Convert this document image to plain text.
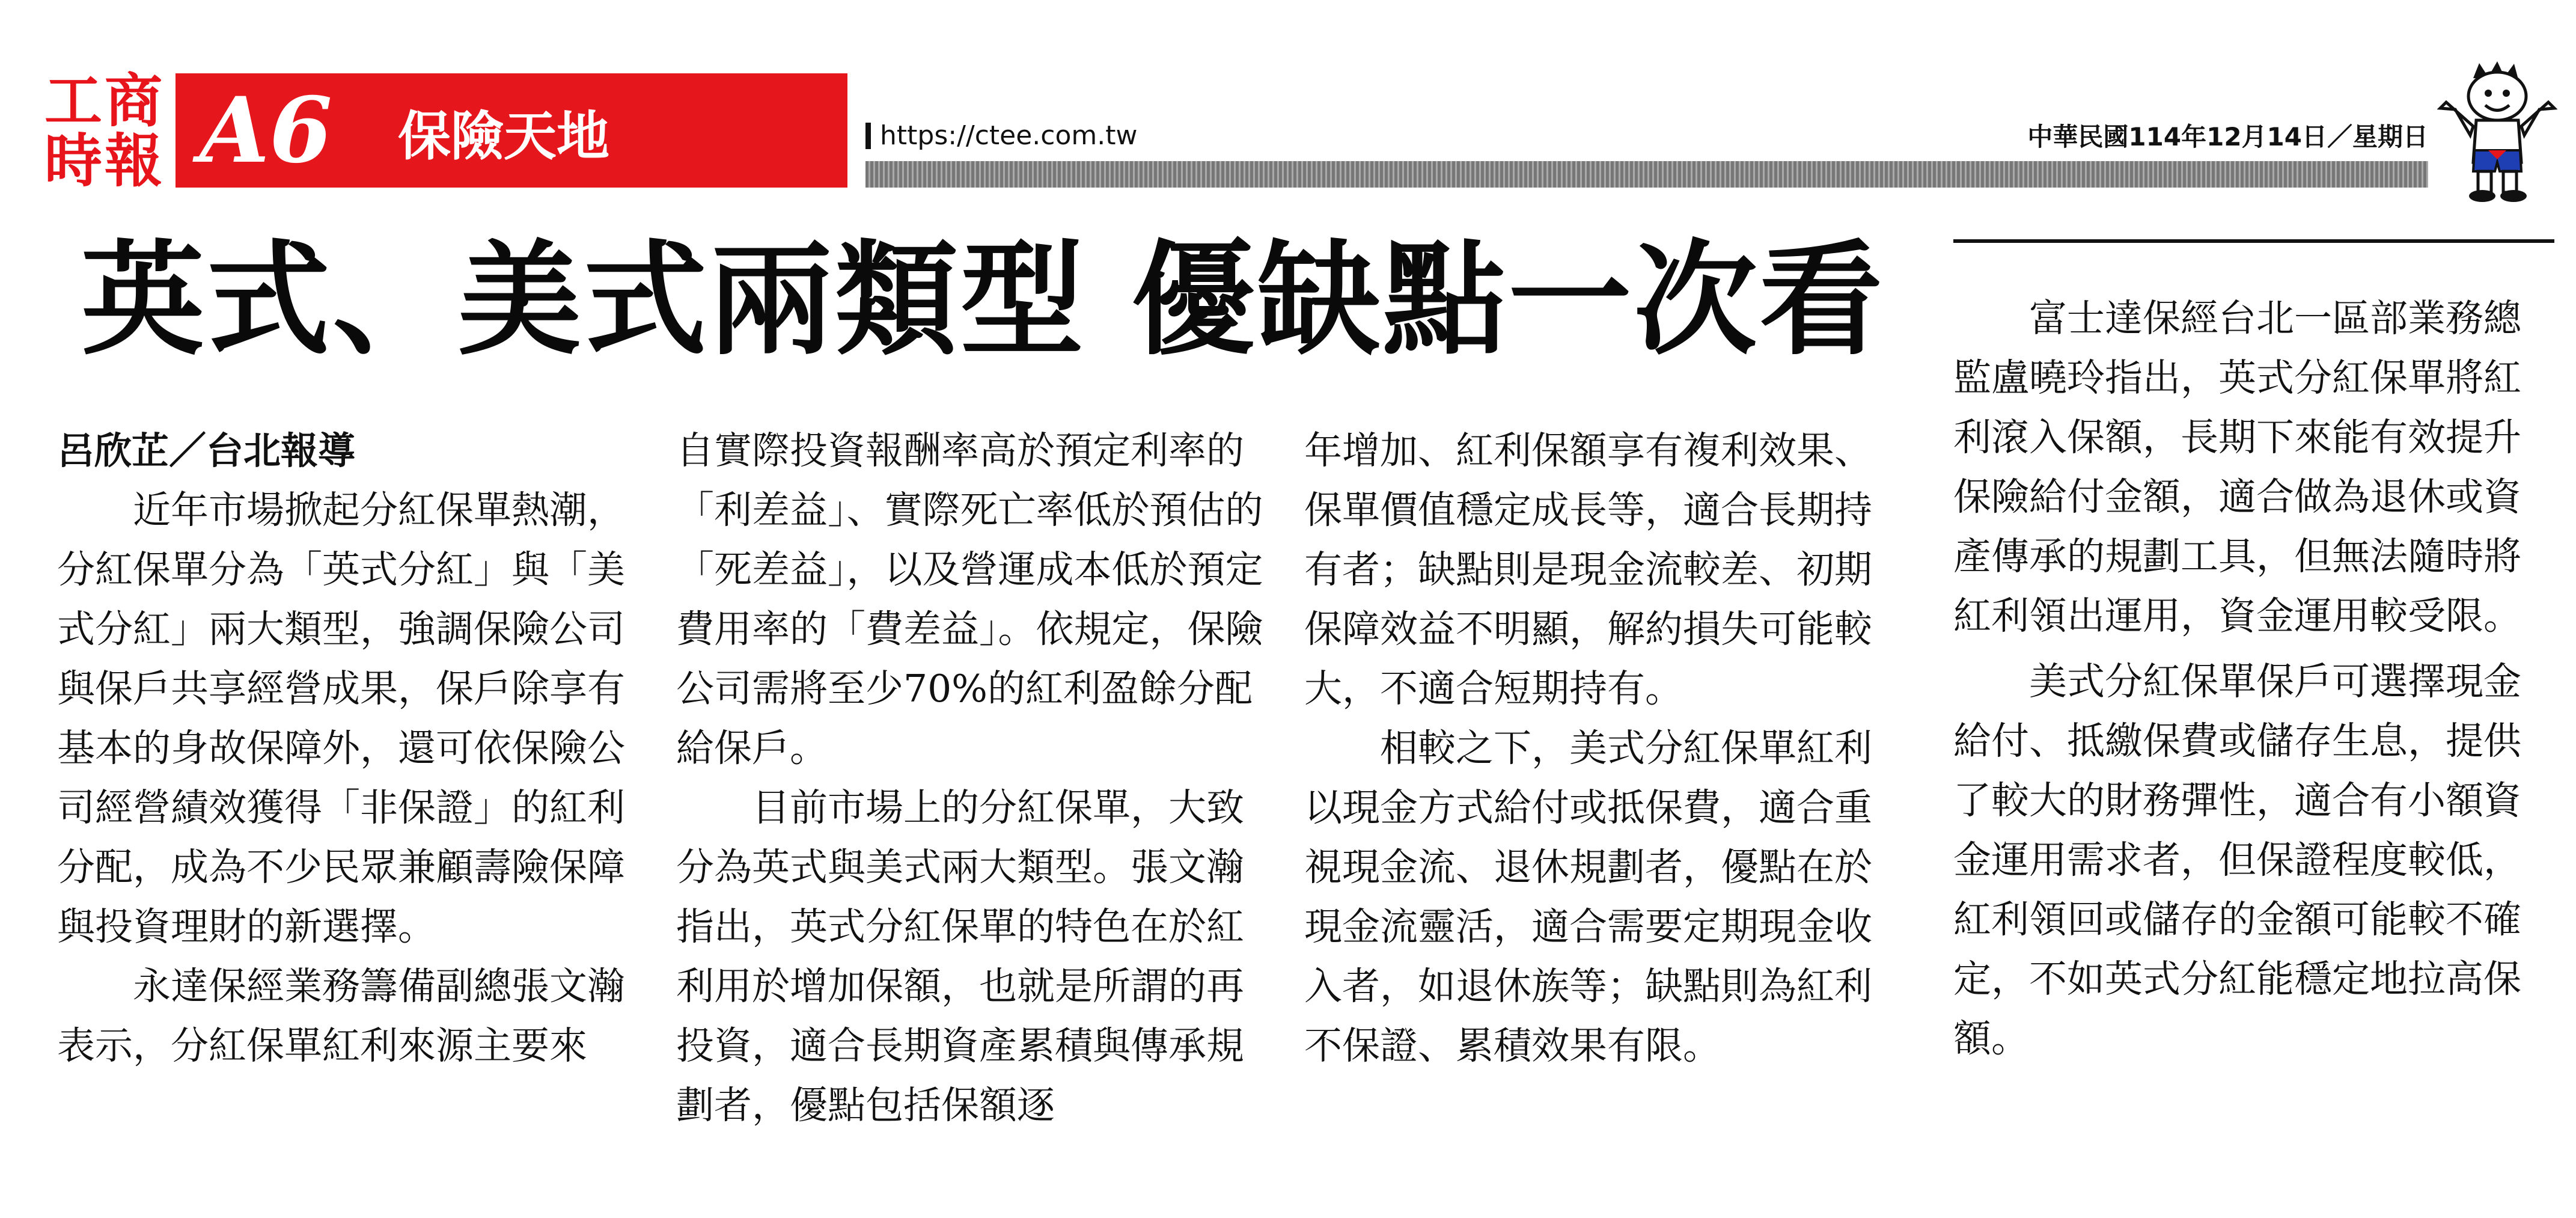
工 商
時 報 A6 保險天地	https://ctee.com.tw	中華民國114年12月14日／星期日
英式、美式兩類型 優缺點一次看

呂欣芷／台北報導

近年市場掀起分紅保單熱潮，分紅保單分為「英式分紅」與「美式分紅」兩大類型，強調保險公司與保戶共享經營成果，保戶除享有基本的身故保障外，還可依保險公司經營績效獲得「非保證」的紅利分配，成為不少民眾兼顧壽險保障與投資理財的新選擇。

永達保經業務籌備副總張文瀚表示，分紅保單紅利來源主要來

自實際投資報酬率高於預定利率的「利差益」、實際死亡率低於預估的「死差益」，以及營運成本低於預定費用率的「費差益」。依規定，保險公司需將至少70%的紅利盈餘分配給保戶。

目前市場上的分紅保單，大致分為英式與美式兩大類型。張文瀚指出，英式分紅保單的特色在於紅利用於增加保額，也就是所謂的再投資，適合長期資產累積與傳承規劃者，優點包括保額逐

年增加、紅利保額享有複利效果、保單價值穩定成長等，適合長期持有者；缺點則是現金流較差、初期保障效益不明顯，解約損失可能較大，不適合短期持有。

相較之下，美式分紅保單紅利以現金方式給付或抵保費，適合重視現金流、退休規劃者，優點在於現金流靈活，適合需要定期現金收入者，如退休族等；缺點則為紅利不保證、累積效果有限。

富士達保經台北一區部業務總監盧曉玲指出，英式分紅保單將紅利滾入保額，長期下來能有效提升保險給付金額，適合做為退休或資產傳承的規劃工具，但無法隨時將紅利領出運用，資金運用較受限。

美式分紅保單保戶可選擇現金給付、抵繳保費或儲存生息，提供了較大的財務彈性，適合有小額資金運用需求者，但保證程度較低，紅利領回或儲存的金額可能較不確定，不如英式分紅能穩定地拉高保額。
